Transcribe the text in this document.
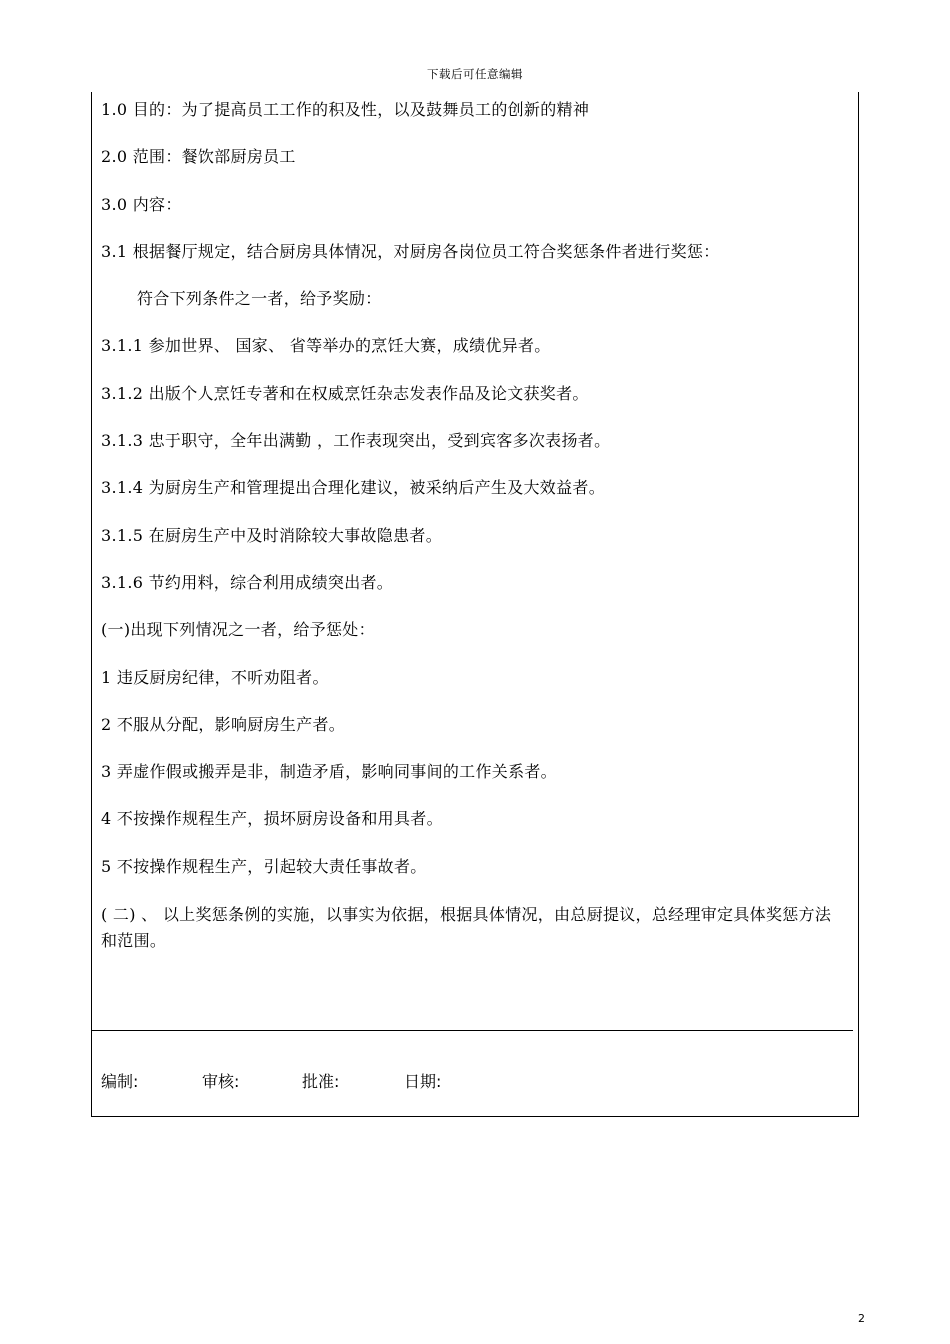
下载后可任意编辑
1.0 目的：为了提高员工工作的积及性，以及鼓舞员工的创新的精神
2.0 范围：餐饮部厨房员工
3.0 内容：
3.1 根据餐厅规定，结合厨房具体情况，对厨房各岗位员工符合奖惩条件者进行奖惩：
符合下列条件之一者，给予奖励：
3.1.1 参加世界、 国家、 省等举办的烹饪大赛，成绩优异者。
3.1.2 出版个人烹饪专著和在权威烹饪杂志发表作品及论文获奖者。
3.1.3 忠于职守，全年出满勤 ，工作表现突出，受到宾客多次表扬者。
3.1.4 为厨房生产和管理提出合理化建议，被采纳后产生及大效益者。
3.1.5 在厨房生产中及时消除较大事故隐患者。
3.1.6 节约用料，综合利用成绩突出者。
(一)出现下列情况之一者，给予惩处：
1 违反厨房纪律，不听劝阻者。
2 不服从分配，影响厨房生产者。
3 弄虚作假或搬弄是非，制造矛盾，影响同事间的工作关系者。
4 不按操作规程生产，损坏厨房设备和用具者。
5 不按操作规程生产，引起较大责任事故者。
( 二) 、 以上奖惩条例的实施，以事实为依据，根据具体情况，由总厨提议，总经理审定具体奖惩方法和范围。
编制:	审核:	批准:	日期:
2
